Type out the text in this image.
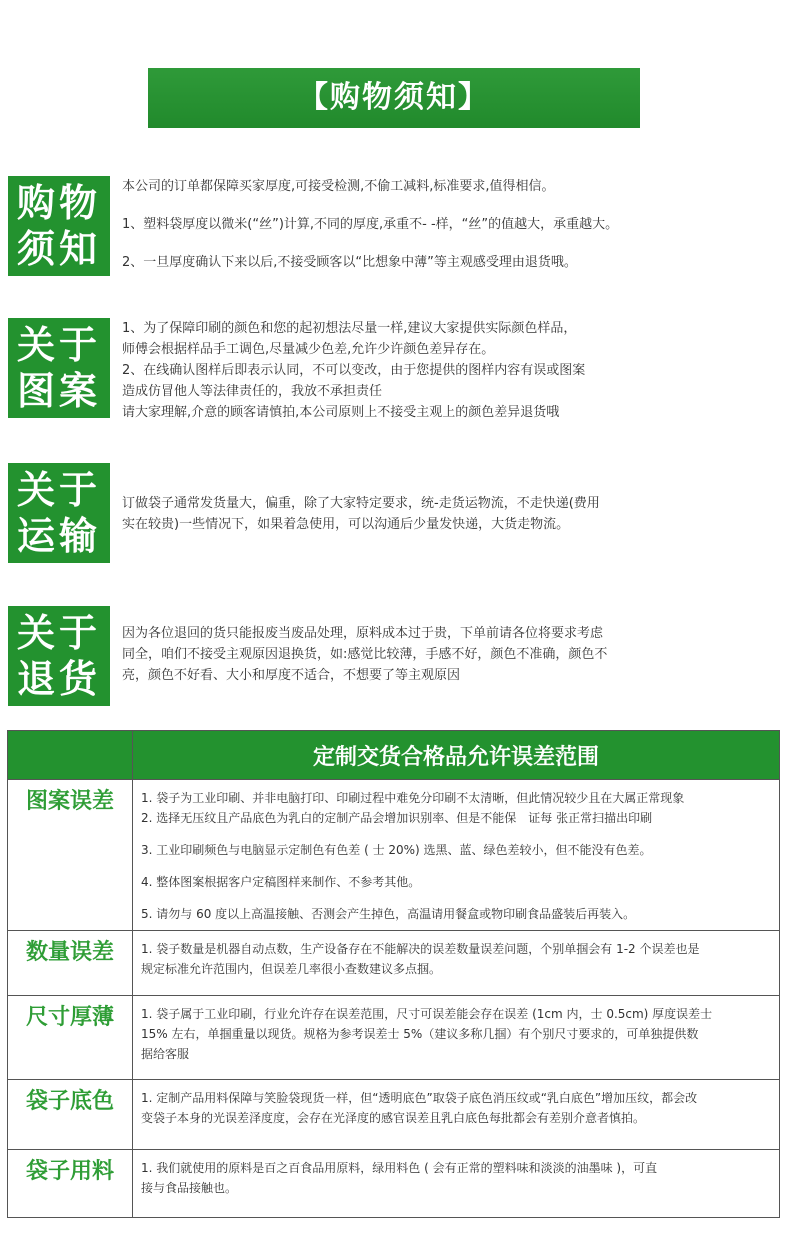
【购物须知】
购物
须知

本公司的订单都保障买家厚度,可接受检测,不偷工减料,标准要求,值得相信。

1、塑料袋厚度以微米(“丝”)计算,不同的厚度,承重不- -样，“丝”的值越大，承重越大。

2、一旦厚度确认下来以后,不接受顾客以“比想象中薄”等主观感受理由退货哦。

关于
图案

1、为了保障印刷的颜色和您的起初想法尽量一样,建议大家提供实际颜色样品，

师傅会根据样品手工调色,尽量减少色差,允许少许颜色差异存在。

2、在线确认图样后即表示认同，不可以变改，由于您提供的图样内容有误或图案

造成仿冒他人等法律责任的，我放不承担责任

请大家理解,介意的顾客请慎拍,本公司原则上不接受主观上的颜色差异退货哦

关于
运输

订做袋子通常发货量大，偏重，除了大家特定要求，统-走货运物流，不走快递(费用

实在较贵)一些情况下，如果着急使用，可以沟通后少量发快递，大货走物流。

关于
退货

因为各位退回的货只能报废当废品处理，原料成本过于贵，下单前请各位将要求考虑

同全，咱们不接受主观原因退换货，如:感觉比较薄，手感不好，颜色不准确，颜色不

亮，颜色不好看、大小和厚度不适合，不想要了等主观原因

	定制交货合格品允许误差范围
图案误差	1. 袋子为工业印刷、并非电脑打印、印刷过程中难免分印刷不太清晰，但此情况较少且在大属正常现象

2. 选择无压纹且产品底色为乳白的定制产品会增加识别率、但是不能保　证每 张正常扫描出印刷

3. 工业印刷频色与电脑显示定制色有色差 ( 士 20%) 选黑、蓝、绿色差较小，但不能没有色差。

4. 整体图案根据客户定稿图样来制作、不参考其他。

5. 请勿与 60 度以上高温接触、否测会产生掉色，高温请用餐盒或物印刷食品盛装后再装入。

数量误差	1. 袋子数量是机器自动点数，生产设备存在不能解决的误差数量误差问题，个别单掴会有 1-2 个误差也是

规定标准允许范围内，但误差几率很小查数建议多点掴。

尺寸厚薄	1. 袋子属于工业印刷，行业允许存在误差范围，尺寸可误差能会存在误差 (1cm 内，士 0.5cm) 厚度误差士

15% 左右，单掴重量以现货。规格为参考误差士 5%（建议多称几掴）有个别尺寸要求的，可单独提供数

据给客服

袋子底色	1. 定制产品用料保障与笑脸袋现货一样，但“透明底色”取袋子底色消压纹或“乳白底色”增加压纹，都会改

变袋子本身的光误差泽度度，会存在光泽度的感官误差且乳白底色每批都会有差别介意者慎拍。

袋子用料	1. 我们就使用的原料是百之百食品用原料，绿用料色 ( 会有正常的塑料味和淡淡的油墨味 )，可直

接与食品接触也。
